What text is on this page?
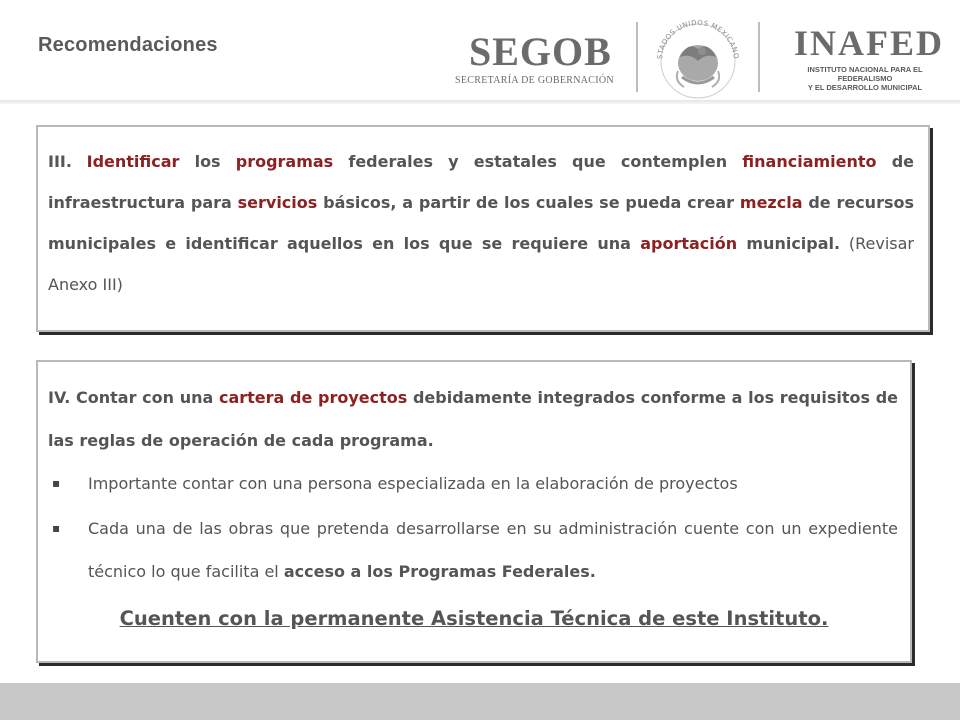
Recomendaciones	SEGOB
SECRETARÍA DE GOBERNACIÓN
STADOS UNIDOS MEXICANO INAFED
INSTITUTO NACIONAL PARA EL FEDERALISMO
Y EL DESARROLLO MUNICIPAL
III. Identificar los programas federales y estatales que contemplen financiamiento de infraestructura para servicios básicos, a partir de los cuales se pueda crear mezcla de recursos municipales e identificar aquellos en los que se requiere una aportación municipal. (Revisar Anexo III)
IV. Contar con una cartera de proyectos debidamente integrados conforme a los requisitos de las reglas de operación de cada programa.
▪ Importante contar con una persona especializada en la elaboración de proyectos
▪ Cada una de las obras que pretenda desarrollarse en su administración cuente con un expediente técnico lo que facilita el acceso a los Programas Federales.
Cuenten con la permanente Asistencia Técnica de este Instituto.
